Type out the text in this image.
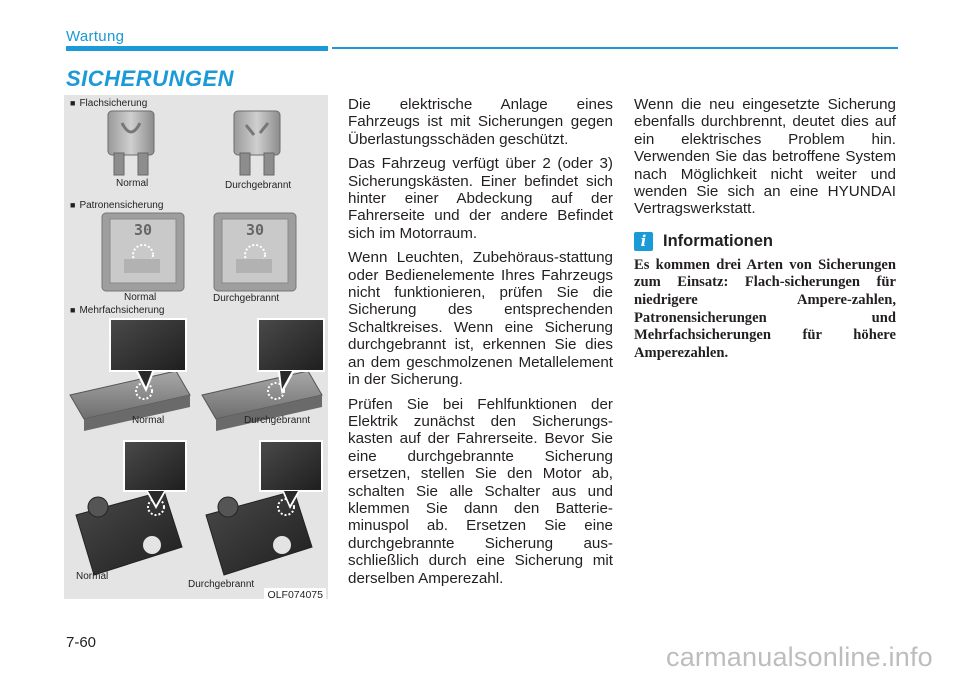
Wartung
SICHERUNGEN
30	30
■ Flachsicherung
Normal	Durchgebrannt
■ Patronensicherung
Normal	Durchgebrannt
■ Mehrfachsicherung
Normal	Durchgebrannt
Normal
Durchgebrannt
OLF074075

Die elektrische Anlage eines Fahrzeugs ist mit Sicherungen gegen Überlastungsschäden geschützt.

Das Fahrzeug verfügt über 2 (oder 3) Sicherungskästen. Einer befindet sich hinter einer Abdeckung auf der Fahrerseite und der andere Befindet sich im Motorraum.

Wenn Leuchten, Zubehöraus-stattung oder Bedienelemente Ihres Fahrzeugs nicht funktionieren, prüfen Sie die Sicherung des entsprechenden Schaltkreises. Wenn eine Sicherung durchgebrannt ist, erkennen Sie dies an dem geschmolzenen Metallelement in der Sicherung.

Prüfen Sie bei Fehlfunktionen der Elektrik zunächst den Sicherungs-kasten auf der Fahrerseite. Bevor Sie eine durchgebrannte Sicherung ersetzen, stellen Sie den Motor ab, schalten Sie alle Schalter aus und klemmen Sie dann den Batterie-minuspol ab. Ersetzen Sie eine durchgebrannte Sicherung aus-schließlich durch eine Sicherung mit derselben Amperezahl.

Wenn die neu eingesetzte Sicherung ebenfalls durchbrennt, deutet dies auf ein elektrisches Problem hin. Verwenden Sie das betroffene System nach Möglichkeit nicht weiter und wenden Sie sich an eine HYUNDAI Vertragswerkstatt.

i	Informationen

Es kommen drei Arten von Sicherungen zum Einsatz: Flach-sicherungen für niedrigere Ampere-zahlen, Patronensicherungen und Mehrfachsicherungen für höhere Amperezahlen.

7-60	carmanualsonline.info
